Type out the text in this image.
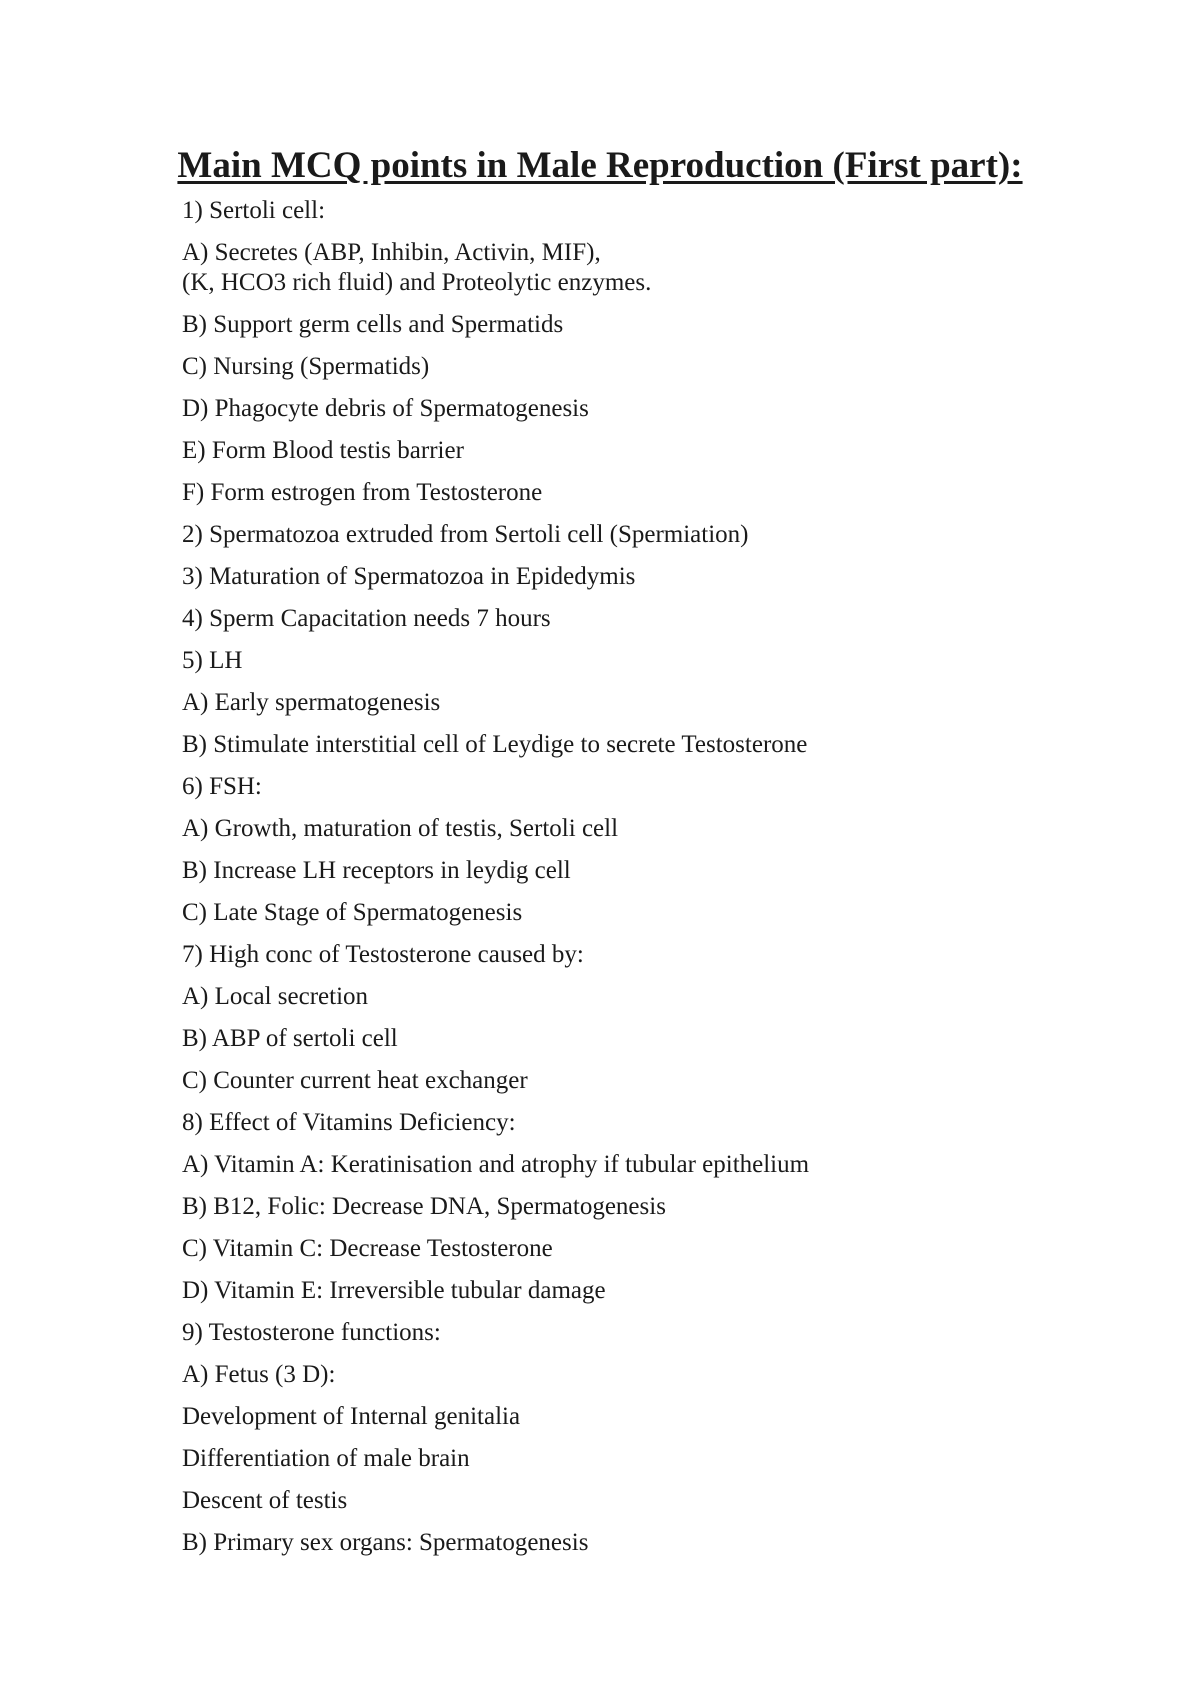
Main MCQ points in Male Reproduction (First part):
1) Sertoli cell:
A) Secretes (ABP, Inhibin, Activin, MIF),
(K, HCO3 rich fluid) and Proteolytic enzymes.
B) Support germ cells and Spermatids
C) Nursing (Spermatids)
D) Phagocyte debris of Spermatogenesis
E) Form Blood testis barrier
F) Form estrogen from Testosterone
2) Spermatozoa extruded from Sertoli cell (Spermiation)
3) Maturation of Spermatozoa in Epidedymis
4) Sperm Capacitation needs 7 hours
5) LH
A) Early spermatogenesis
B) Stimulate interstitial cell of Leydige to secrete Testosterone
6) FSH:
A) Growth, maturation of testis, Sertoli cell
B) Increase LH receptors in leydig cell
C) Late Stage of Spermatogenesis
7) High conc of Testosterone caused by:
A) Local secretion
B) ABP of sertoli cell
C) Counter current heat exchanger
8) Effect of Vitamins Deficiency:
A) Vitamin A: Keratinisation and atrophy if tubular epithelium
B) B12, Folic: Decrease DNA, Spermatogenesis
C) Vitamin C: Decrease Testosterone
D) Vitamin E: Irreversible tubular damage
9) Testosterone functions:
A) Fetus (3 D):
Development of Internal genitalia
Differentiation of male brain
Descent of testis
B) Primary sex organs: Spermatogenesis
